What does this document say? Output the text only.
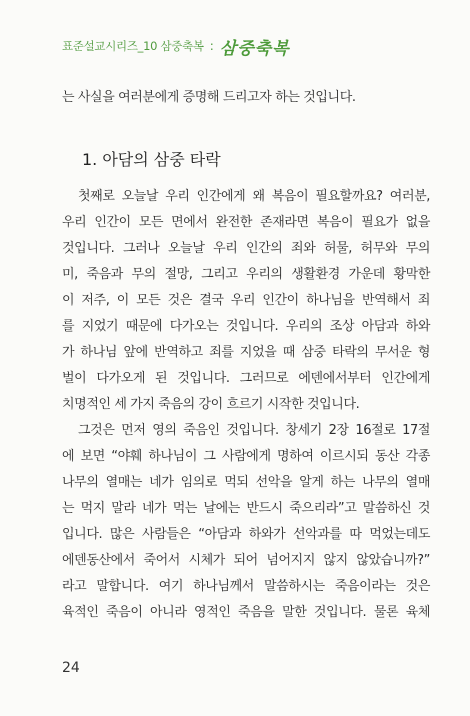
표준설교시리즈_10 삼중축복 : 삼중축복

는 사실을 여러분에게 증명해 드리고자 하는 것입니다.

1. 아담의 삼중 타락

첫째로 오늘날 우리 인간에게 왜 복음이 필요할까요? 여러분,

우리 인간이 모든 면에서 완전한 존재라면 복음이 필요가 없을

것입니다. 그러나 오늘날 우리 인간의 죄와 허물, 허무와 무의

미, 죽음과 무의 절망, 그리고 우리의 생활환경 가운데 황막한

이 저주, 이 모든 것은 결국 우리 인간이 하나님을 반역해서 죄

를 지었기 때문에 다가오는 것입니다. 우리의 조상 아담과 하와

가 하나님 앞에 반역하고 죄를 지었을 때 삼중 타락의 무서운 형

벌이 다가오게 된 것입니다. 그러므로 에덴에서부터 인간에게

치명적인 세 가지 죽음의 강이 흐르기 시작한 것입니다.

그것은 먼저 영의 죽음인 것입니다. 창세기 2장 16절로 17절

에 보면 “야훼 하나님이 그 사람에게 명하여 이르시되 동산 각종

나무의 열매는 네가 임의로 먹되 선악을 알게 하는 나무의 열매

는 먹지 말라 네가 먹는 날에는 반드시 죽으리라”고 말씀하신 것

입니다. 많은 사람들은 “아담과 하와가 선악과를 따 먹었는데도

에덴동산에서 죽어서 시체가 되어 넘어지지 않지 않았습니까?”

라고 말합니다. 여기 하나님께서 말씀하시는 죽음이라는 것은

육적인 죽음이 아니라 영적인 죽음을 말한 것입니다. 물론 육체

24
